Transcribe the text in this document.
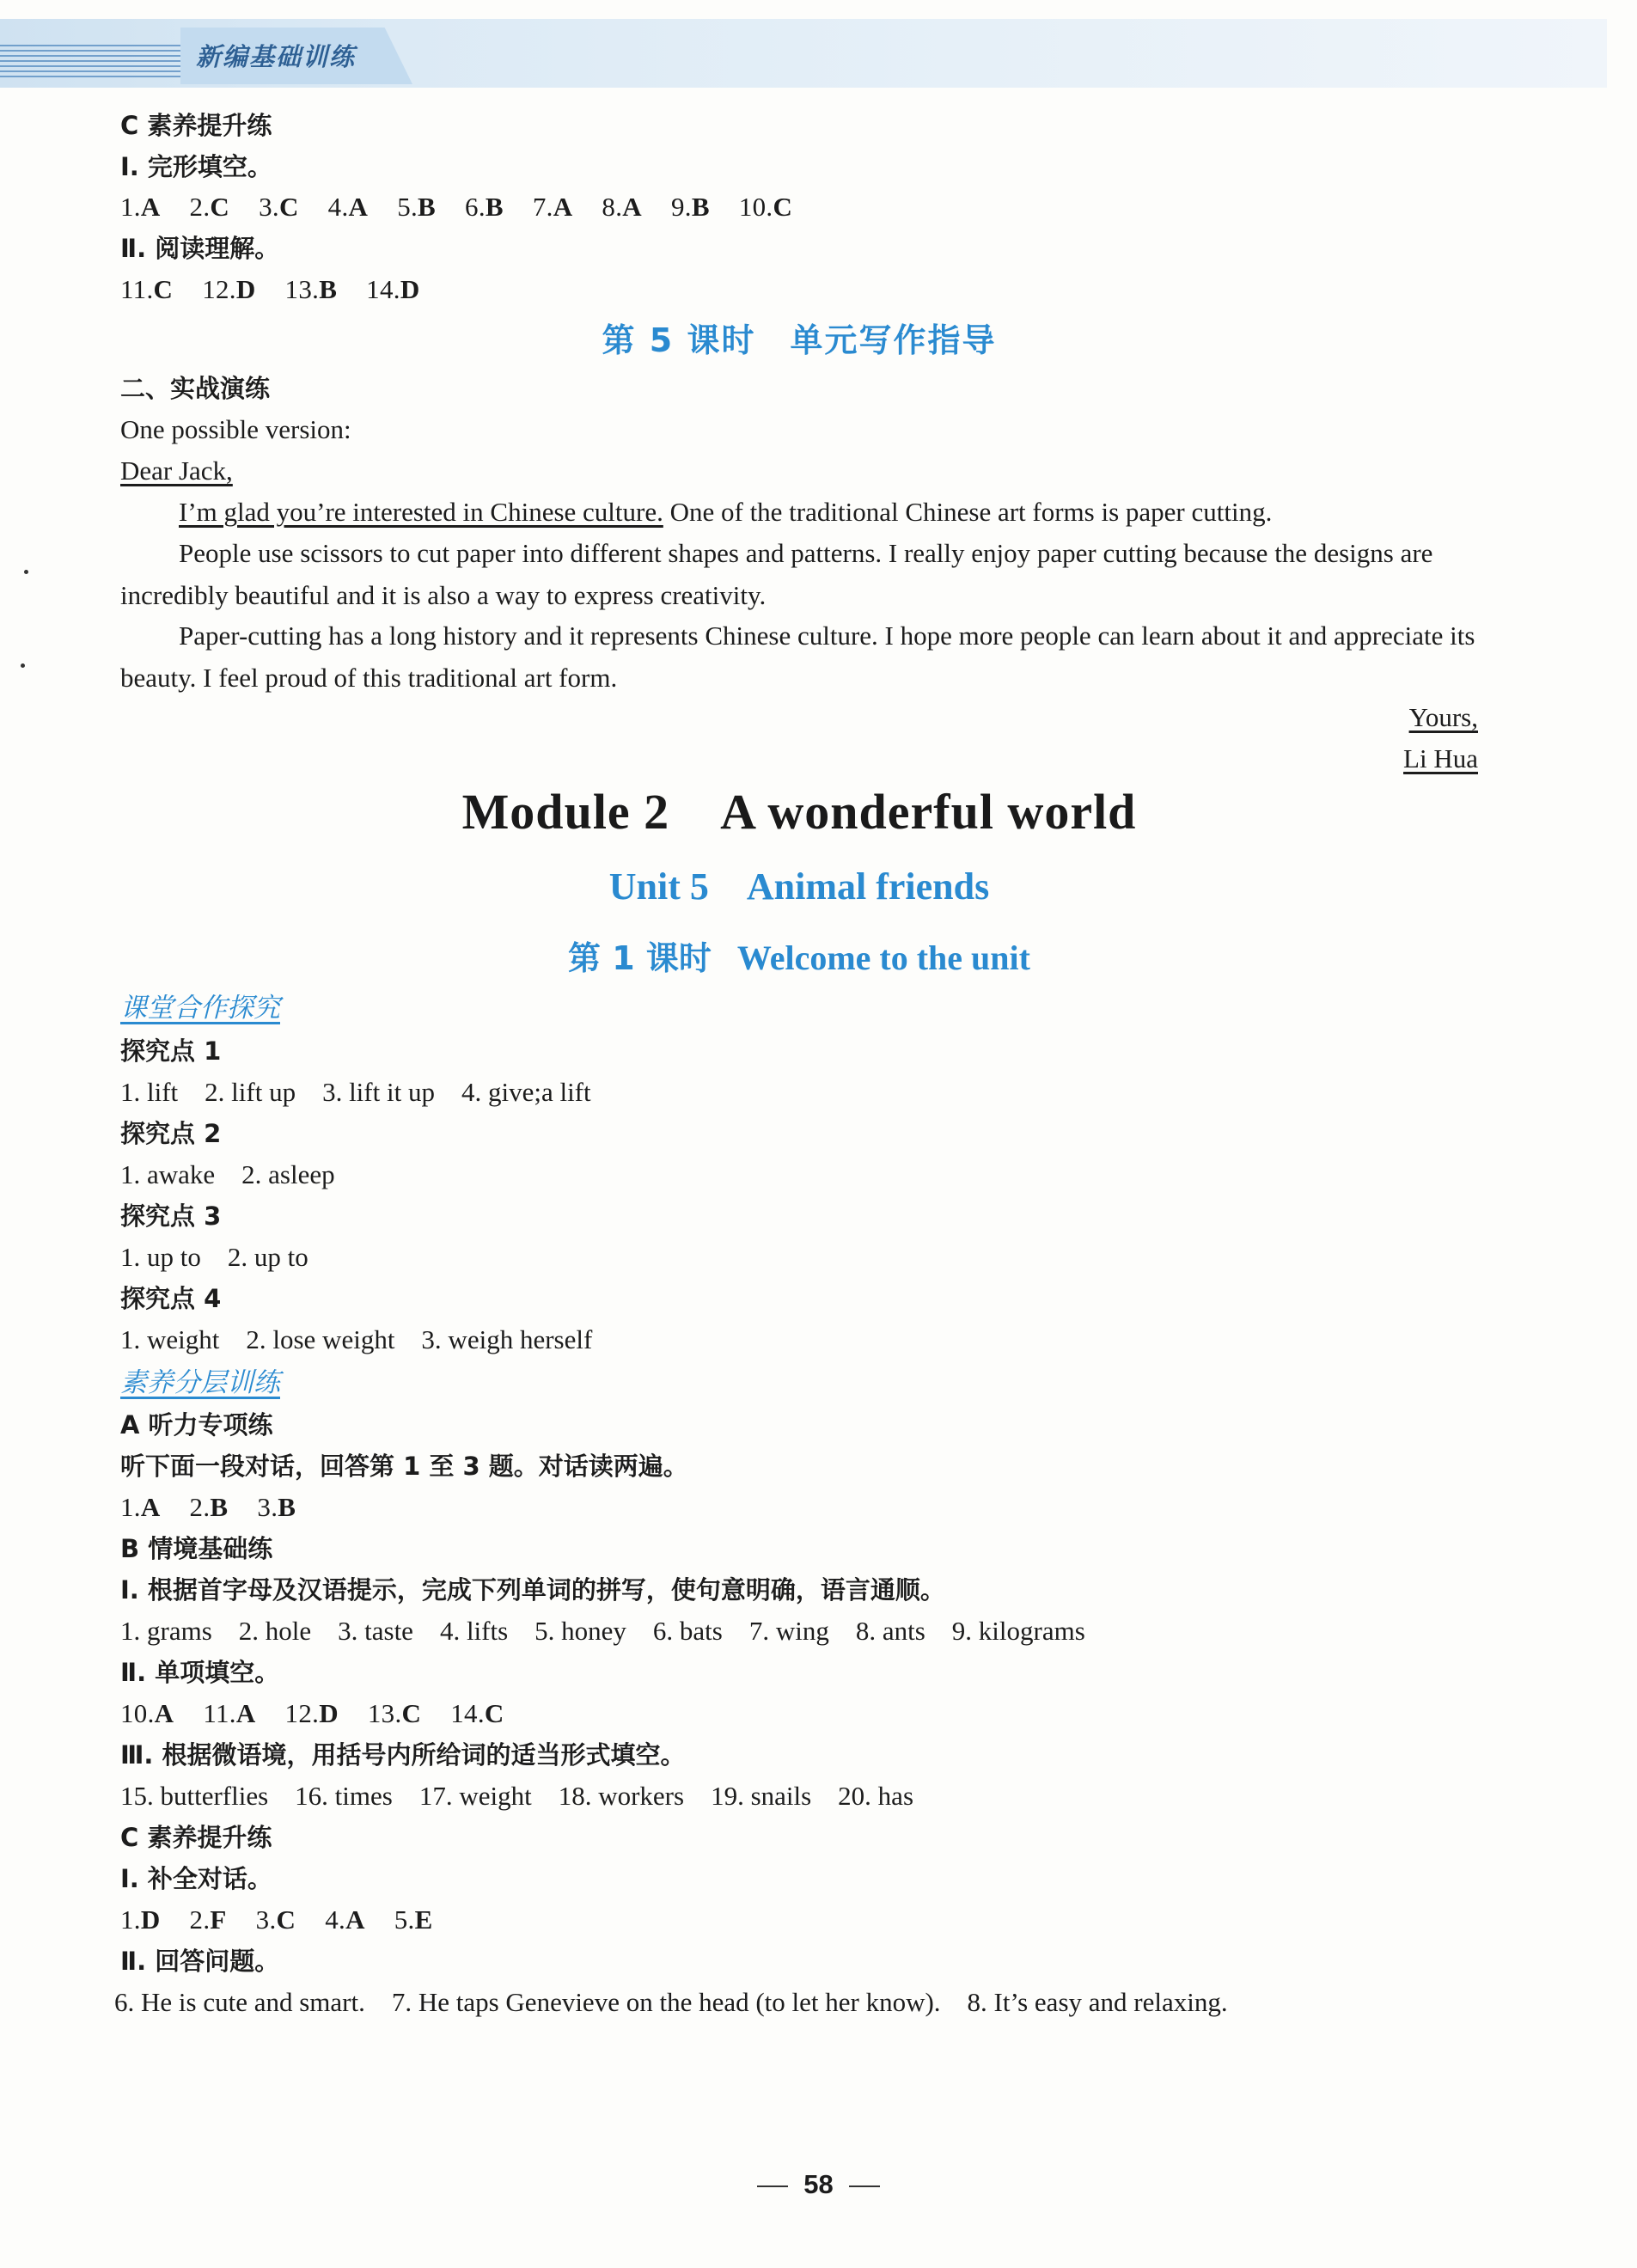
新编基础训练
C 素养提升练
Ⅰ. 完形填空。
1.A 2.C 3.C 4.A 5.B 6.B 7.A 8.A 9.B 10.C
Ⅱ. 阅读理解。
11.C 12.D 13.B 14.D
第 5 课时　单元写作指导
二、实战演练
One possible version:
Dear Jack,
I’m glad you’re interested in Chinese culture. One of the traditional Chinese art forms is paper cutting.
People use scissors to cut paper into different shapes and patterns. I really enjoy paper cutting because the designs are incredibly beautiful and it is also a way to express creativity.
Paper-cutting has a long history and it represents Chinese culture. I hope more people can learn about it and appreciate its beauty. I feel proud of this traditional art form.
Yours,
Li Hua
Module 2　A wonderful world
Unit 5　Animal friends
第 1 课时 Welcome to the unit
课堂合作探究
探究点 1
1. lift　2. lift up　3. lift it up　4. give;a lift
探究点 2
1. awake　2. asleep
探究点 3
1. up to　2. up to
探究点 4
1. weight　2. lose weight　3. weigh herself
素养分层训练
A 听力专项练
听下面一段对话，回答第 1 至 3 题。对话读两遍。
1.A 2.B 3.B
B 情境基础练
Ⅰ. 根据首字母及汉语提示，完成下列单词的拼写，使句意明确，语言通顺。
1. grams　2. hole　3. taste　4. lifts　5. honey　6. bats　7. wing　8. ants　9. kilograms
Ⅱ. 单项填空。
10.A 11.A 12.D 13.C 14.C
Ⅲ. 根据微语境，用括号内所给词的适当形式填空。
15. butterflies　16. times　17. weight　18. workers　19. snails　20. has
C 素养提升练
Ⅰ. 补全对话。
1.D 2.F 3.C 4.A 5.E
Ⅱ. 回答问题。
6. He is cute and smart.　7. He taps Genevieve on the head (to let her know).　8. It’s easy and relaxing.
58
